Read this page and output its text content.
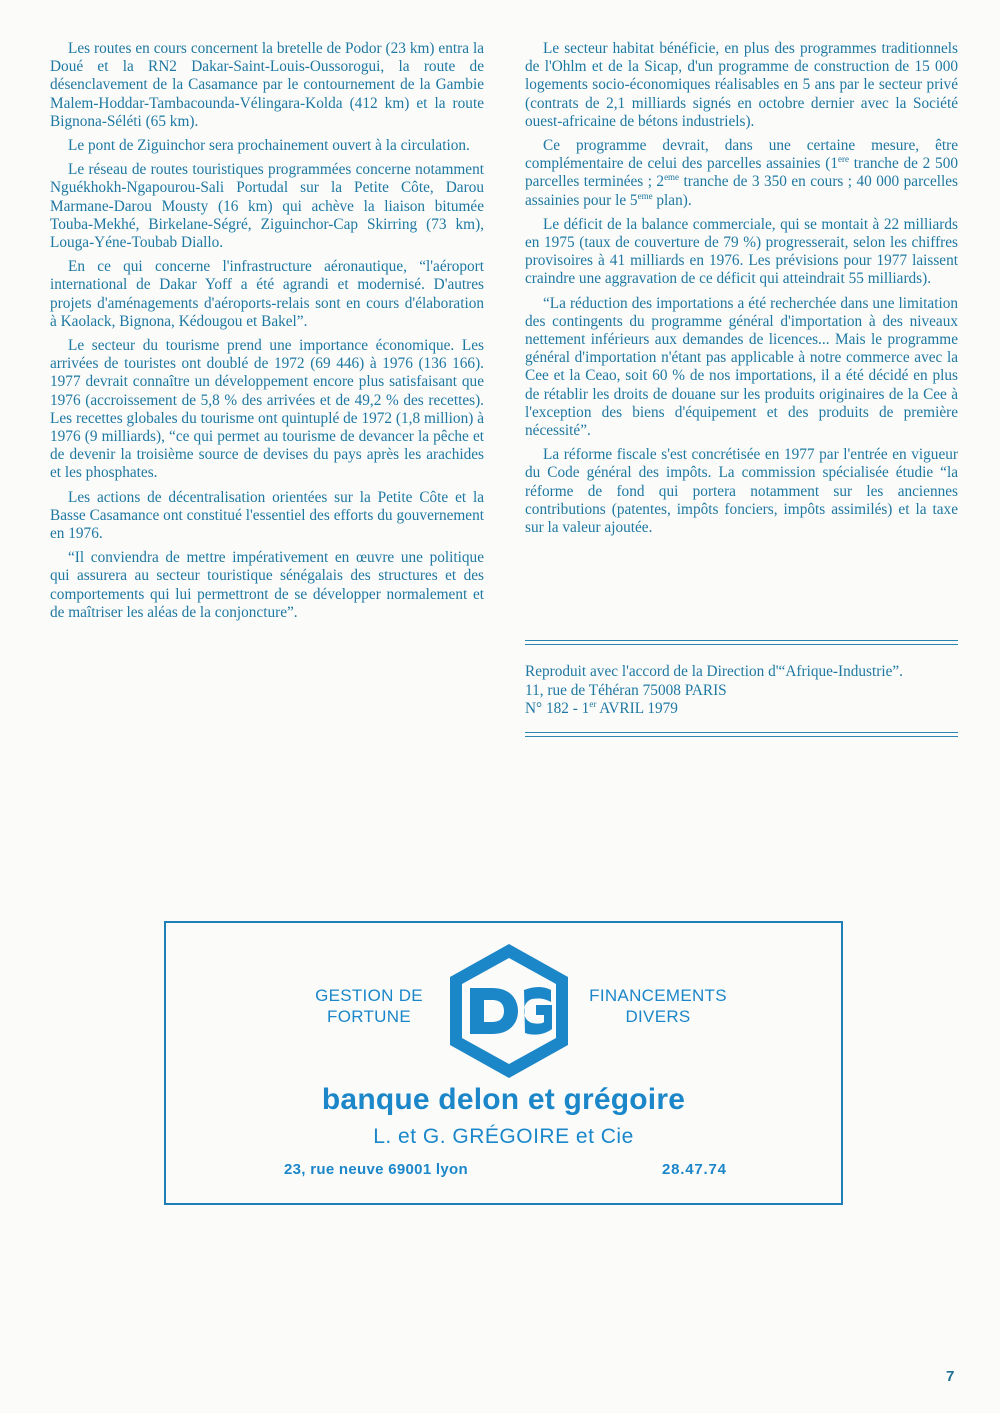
Les routes en cours concernent la bretelle de Podor (23 km) entra la Doué et la RN2 Dakar-Saint-Louis-Oussorogui, la route de désenclavement de la Casamance par le contournement de la Gambie Malem-Hoddar-Tambacounda-Vélingara-Kolda (412 km) et la route Bignona-Séléti (65 km).

Le pont de Ziguinchor sera prochainement ouvert à la circulation.

Le réseau de routes touristiques programmées concerne notamment Nguékhokh-Ngapourou-Sali Portudal sur la Petite Côte, Darou Marmane-Darou Mousty (16 km) qui achève la liaison bitumée Touba-Mekhé, Birkelane-Ségré, Ziguinchor-Cap Skirring (73 km), Louga-Yéne-Toubab Diallo.

En ce qui concerne l'infrastructure aéronautique, “l'aéroport international de Dakar Yoff a été agrandi et modernisé. D'autres projets d'aménagements d'aéroports-relais sont en cours d'élaboration à Kaolack, Bignona, Kédougou et Bakel”.

Le secteur du tourisme prend une importance économique. Les arrivées de touristes ont doublé de 1972 (69 446) à 1976 (136 166). 1977 devrait connaître un développement encore plus satisfaisant que 1976 (accroissement de 5,8 % des arrivées et de 49,2 % des recettes). Les recettes globales du tourisme ont quintuplé de 1972 (1,8 million) à 1976 (9 milliards), “ce qui permet au tourisme de devancer la pêche et de devenir la troisième source de devises du pays après les arachides et les phosphates.

Les actions de décentralisation orientées sur la Petite Côte et la Basse Casamance ont constitué l'essentiel des efforts du gouvernement en 1976.

“Il conviendra de mettre impérativement en œuvre une politique qui assurera au secteur touristique sénégalais des structures et des comportements qui lui permettront de se développer normalement et de maîtriser les aléas de la conjoncture”.

Le secteur habitat bénéficie, en plus des programmes traditionnels de l'Ohlm et de la Sicap, d'un programme de construction de 15 000 logements socio-économiques réalisables en 5 ans par le secteur privé (contrats de 2,1 milliards signés en octobre dernier avec la Société ouest-africaine de bétons industriels).

Ce programme devrait, dans une certaine mesure, être complémentaire de celui des parcelles assainies (1ere tranche de 2 500 parcelles terminées ; 2eme tranche de 3 350 en cours ; 40 000 parcelles assainies pour le 5eme plan).

Le déficit de la balance commerciale, qui se montait à 22 milliards en 1975 (taux de couverture de 79 %) progresserait, selon les chiffres provisoires à 41 milliards en 1976. Les prévisions pour 1977 laissent craindre une aggravation de ce déficit qui atteindrait 55 milliards).

“La réduction des importations a été recherchée dans une limitation des contingents du programme général d'importation à des niveaux nettement inférieurs aux demandes de licences... Mais le programme général d'importation n'étant pas applicable à notre commerce avec la Cee et la Ceao, soit 60 % de nos importations, il a été décidé en plus de rétablir les droits de douane sur les produits originaires de la Cee à l'exception des biens d'équipement et des produits de première nécessité”.

La réforme fiscale s'est concrétisée en 1977 par l'entrée en vigueur du Code général des impôts. La commission spécialisée étudie “la réforme de fond qui portera notamment sur les anciennes contributions (patentes, impôts fonciers, impôts assimilés) et la taxe sur la valeur ajoutée.

Reproduit avec l'accord de la Direction d'“Afrique-Industrie”.
11, rue de Téhéran 75008 PARIS
N° 182 - 1er AVRIL 1979
GESTION DE
FORTUNE
FINANCEMENTS
DIVERS
banque delon et grégoire
L. et G. GRÉGOIRE et Cie
23, rue neuve 69001 lyon	28.47.74
7
